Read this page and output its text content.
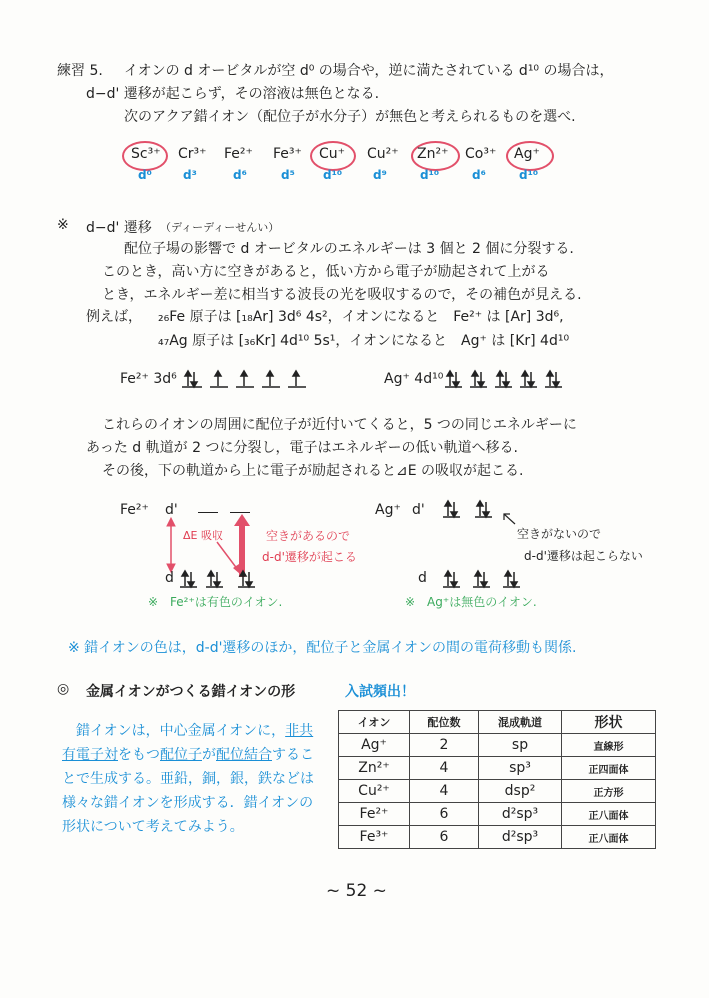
練習 5. イオンの d オービタルが空 d⁰ の場合や，逆に満たされている d¹⁰ の場合は，
d−d' 遷移が起こらず，その溶液は無色となる.
次のアクア錯イオン（配位子が水分子）が無色と考えられるものを選べ.
Sc³⁺ Cr³⁺ Fe²⁺ Fe³⁺ Cu⁺ Cu²⁺ Zn²⁺ Co³⁺ Ag⁺
d⁰	d³	d⁶	d⁵ d¹⁰	d⁹	d¹⁰	d⁶	d¹⁰
※ d−d' 遷移 （ディーディーせんい）
配位子場の影響で d オービタルのエネルギーは 3 個と 2 個に分裂する.
このとき，高い方に空きがあると，低い方から電子が励起されて上がる
とき，エネルギー差に相当する波長の光を吸収するので，その補色が見える.
例えば， ₂₆Fe 原子は [₁₈Ar] 3d⁶ 4s²，イオンになると　Fe²⁺ は [Ar] 3d⁶,
₄₇Ag 原子は [₃₆Kr] 4d¹⁰ 5s¹，イオンになると　Ag⁺ は [Kr] 4d¹⁰
Fe²⁺ 3d⁶	Ag⁺ 4d¹⁰
これらのイオンの周囲に配位子が近付いてくると，5 つの同じエネルギーに
あった d 軌道が 2 つに分裂し，電子はエネルギーの低い軌道へ移る.
その後，下の軌道から上に電子が励起されると⊿E の吸収が起こる.
Fe²⁺ d'
ΔE 吸収	空きがあるので
d-d'遷移が起こる
d
※　Fe²⁺は有色のイオン.
Ag⁺ d'
空きがないので
d-d'遷移は起こらない
d
※　Ag⁺は無色のイオン.
※ 錯イオンの色は，d-d'遷移のほか，配位子と金属イオンの間の電荷移動も関係.
◎ 金属イオンがつくる錯イオンの形	入試頻出！
錯イオンは，中心金属イオンに，非共
有電子対をもつ配位子が配位結合するこ
とで生成する。亜鉛，銅，銀，鉄などは
様々な錯イオンを形成する．錯イオンの
形状について考えてみよう。
イオン	配位数	混成軌道	形状
Ag⁺	2	sp	直線形
Zn²⁺	4	sp³	正四面体
Cu²⁺	4	dsp²	正方形
Fe²⁺	6	d²sp³	正八面体
Fe³⁺	6	d²sp³	正八面体
~ 52 ~
